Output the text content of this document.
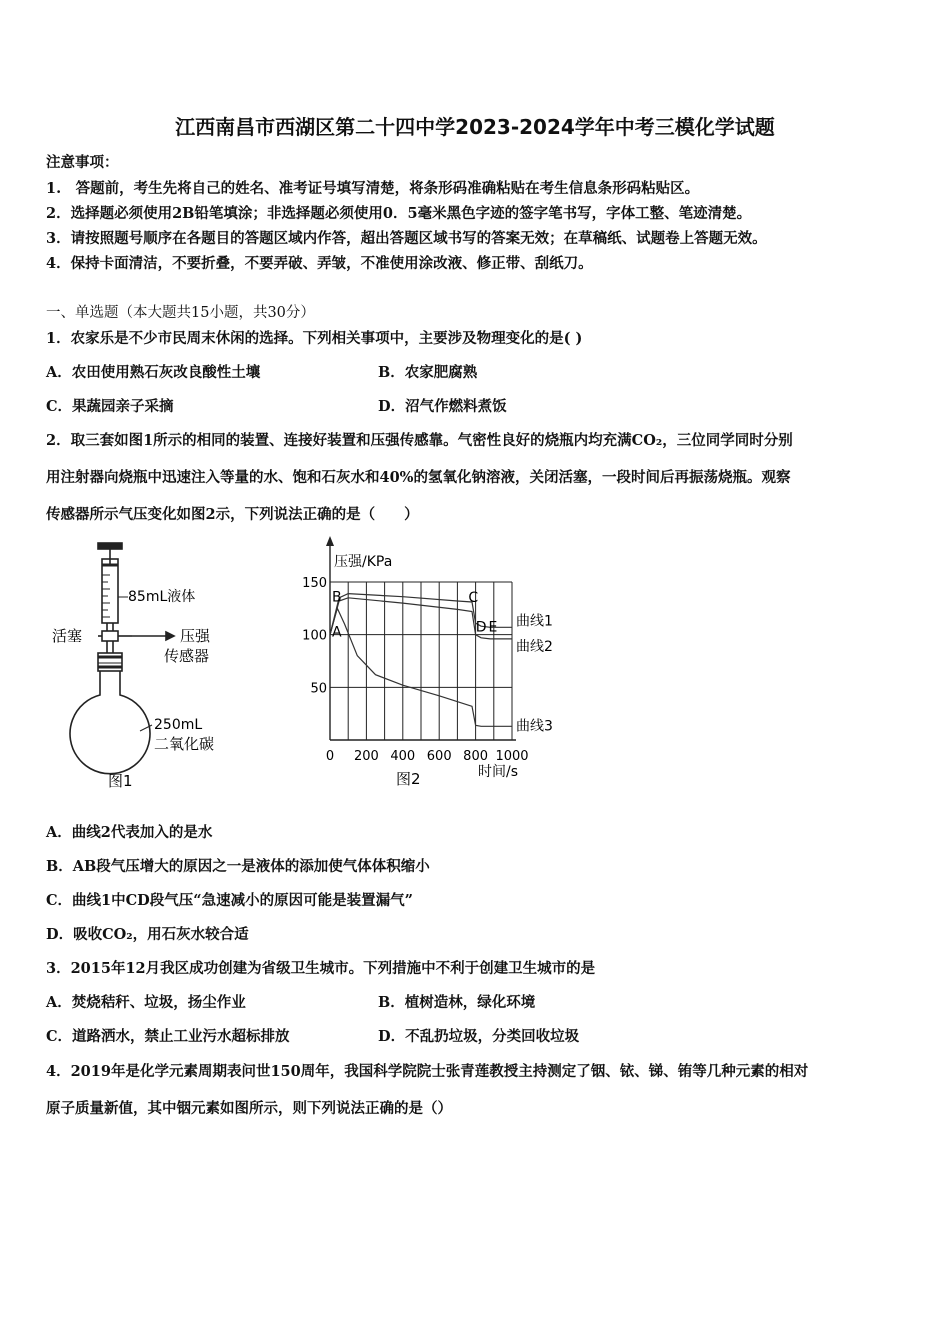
江西南昌市西湖区第二十四中学2023-2024学年中考三模化学试题
注意事项：
1.　答题前，考生先将自己的姓名、准考证号填写清楚，将条形码准确粘贴在考生信息条形码粘贴区。
2．选择题必须使用2B铅笔填涂；非选择题必须使用0．5毫米黑色字迹的签字笔书写，字体工整、笔迹清楚。
3．请按照题号顺序在各题目的答题区域内作答，超出答题区域书写的答案无效；在草稿纸、试题卷上答题无效。
4．保持卡面清洁，不要折叠，不要弄破、弄皱，不准使用涂改液、修正带、刮纸刀。
一、单选题（本大题共15小题，共30分）
1．农家乐是不少市民周末休闲的选择。下列相关事项中，主要涉及物理变化的是( )
A．农田使用熟石灰改良酸性土壤	B．农家肥腐熟
C．果蔬园亲子采摘	D．沼气作燃料煮饭
2．取三套如图1所示的相同的装置、连接好装置和压强传感靠。气密性良好的烧瓶内均充满CO₂，三位同学同时分别
用注射器向烧瓶中迅速注入等量的水、饱和石灰水和40%的氢氧化钠溶液，关闭活塞，一段时间后再振荡烧瓶。观察
传感器所示气压变化如图2示，下列说法正确的是（　　）
85mL液体
活塞	压强
传感器
250mL
二氧化碳
图1
0 200 400 600 800 1000
50
100
150
曲线1
曲线2
曲线3
A
B	C
D E
压强/KPa
时间/s
图2
A．曲线2代表加入的是水
B．AB段气压增大的原因之一是液体的添加使气体体积缩小
C．曲线1中CD段气压“急速减小的原因可能是装置漏气”
D．吸收CO₂，用石灰水较合适
3．2015年12月我区成功创建为省级卫生城市。下列措施中不利于创建卫生城市的是
A．焚烧秸秆、垃圾，扬尘作业	B．植树造林，绿化环境
C．道路洒水，禁止工业污水超标排放	D．不乱扔垃圾，分类回收垃圾
4．2019年是化学元素周期表问世150周年，我国科学院院士张青莲教授主持测定了铟、铱、锑、铕等几种元素的相对
原子质量新值，其中铟元素如图所示，则下列说法正确的是（）
